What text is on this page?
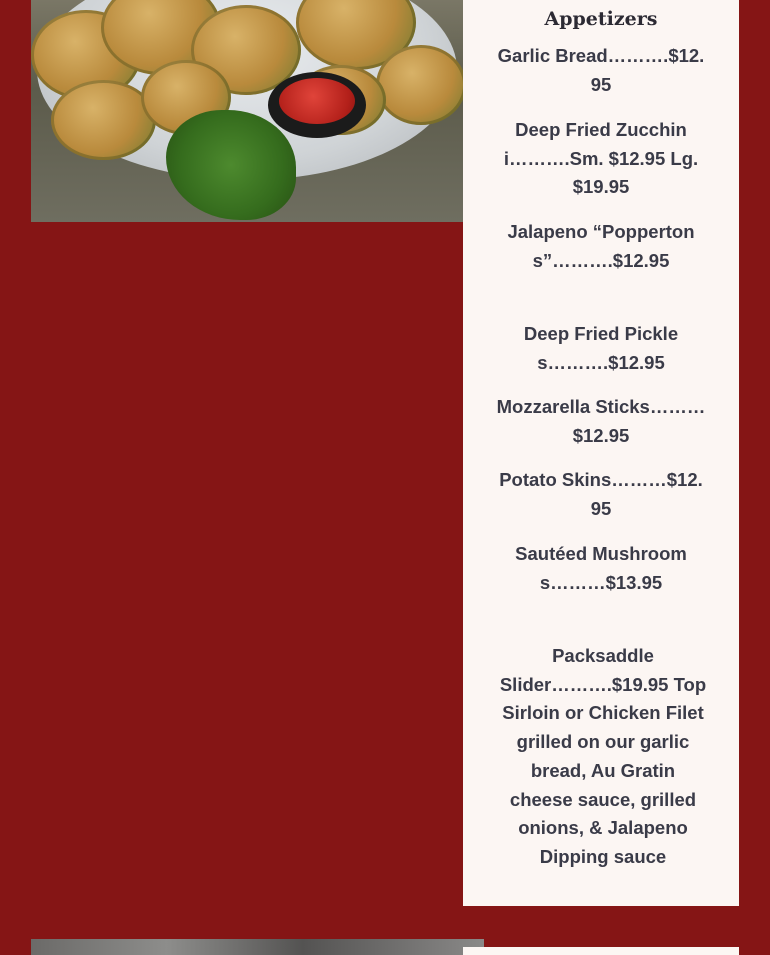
Appetizers
Garlic Bread……….$12.95
Deep Fried Zucchini……….Sm. $12.95 Lg. $19.95
Jalapeno “Poppertons”……….$12.95
Deep Fried Pickles……….$12.95
Mozzarella Sticks………$12.95
Potato Skins………$12.95
Sautéed Mushrooms………$13.95
Packsaddle Slider……….$19.95 Top Sirloin or Chicken Filet grilled on our garlic bread, Au Gratin cheese sauce, grilled onions, & Jalapeno Dipping sauce
